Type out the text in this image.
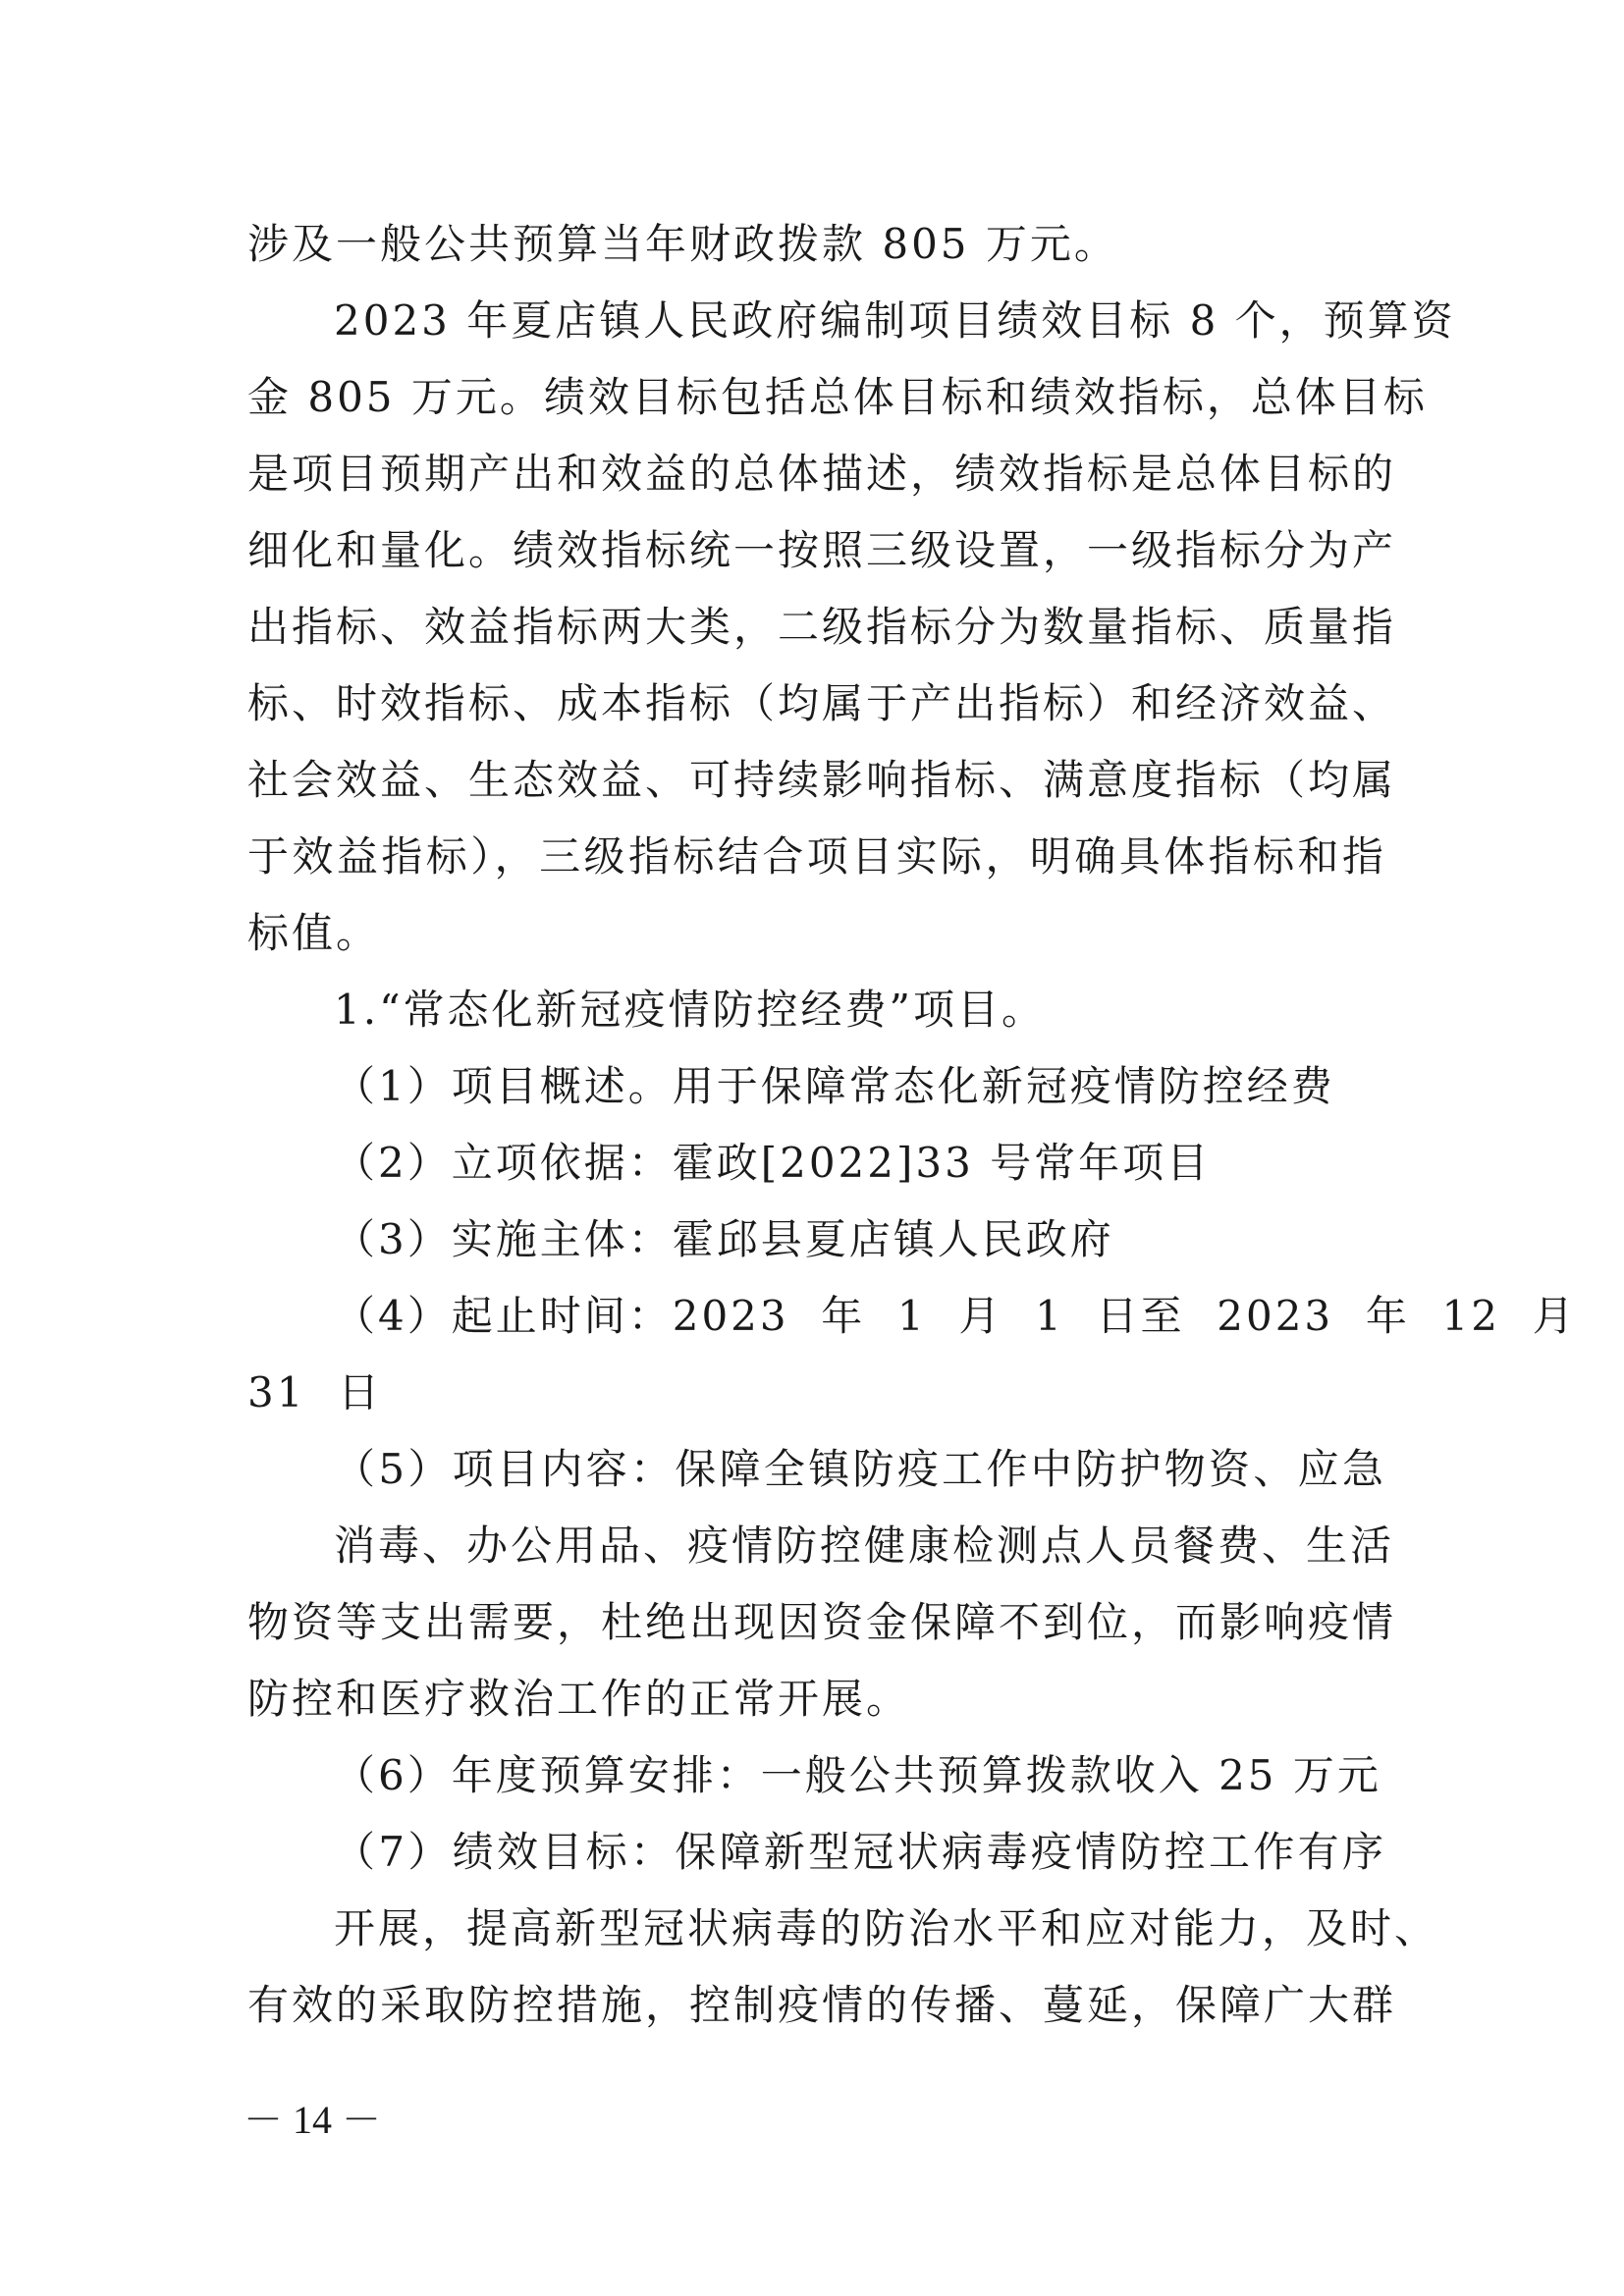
涉及一般公共预算当年财政拨款 805 万元。
2023 年夏店镇人民政府编制项目绩效目标 8 个，预算资
金 805 万元。绩效目标包括总体目标和绩效指标，总体目标
是项目预期产出和效益的总体描述，绩效指标是总体目标的
细化和量化。绩效指标统一按照三级设置，一级指标分为产
出指标、效益指标两大类，二级指标分为数量指标、质量指
标、时效指标、成本指标（均属于产出指标）和经济效益、
社会效益、生态效益、可持续影响指标、满意度指标（均属
于效益指标），三级指标结合项目实际，明确具体指标和指
标值。
1.“常态化新冠疫情防控经费”项目。
（1）项目概述。用于保障常态化新冠疫情防控经费
（2）立项依据：霍政[2022]33 号常年项目
（3）实施主体：霍邱县夏店镇人民政府
（4）起止时间：2023  年  1  月  1  日至  2023  年  12  月
31  日
（5）项目内容：保障全镇防疫工作中防护物资、应急
消毒、办公用品、疫情防控健康检测点人员餐费、生活
物资等支出需要，杜绝出现因资金保障不到位，而影响疫情
防控和医疗救治工作的正常开展。
（6）年度预算安排：一般公共预算拨款收入 25 万元
（7）绩效目标：保障新型冠状病毒疫情防控工作有序
开展，提高新型冠状病毒的防治水平和应对能力，及时、
有效的采取防控措施，控制疫情的传播、蔓延，保障广大群
－ 14 －
